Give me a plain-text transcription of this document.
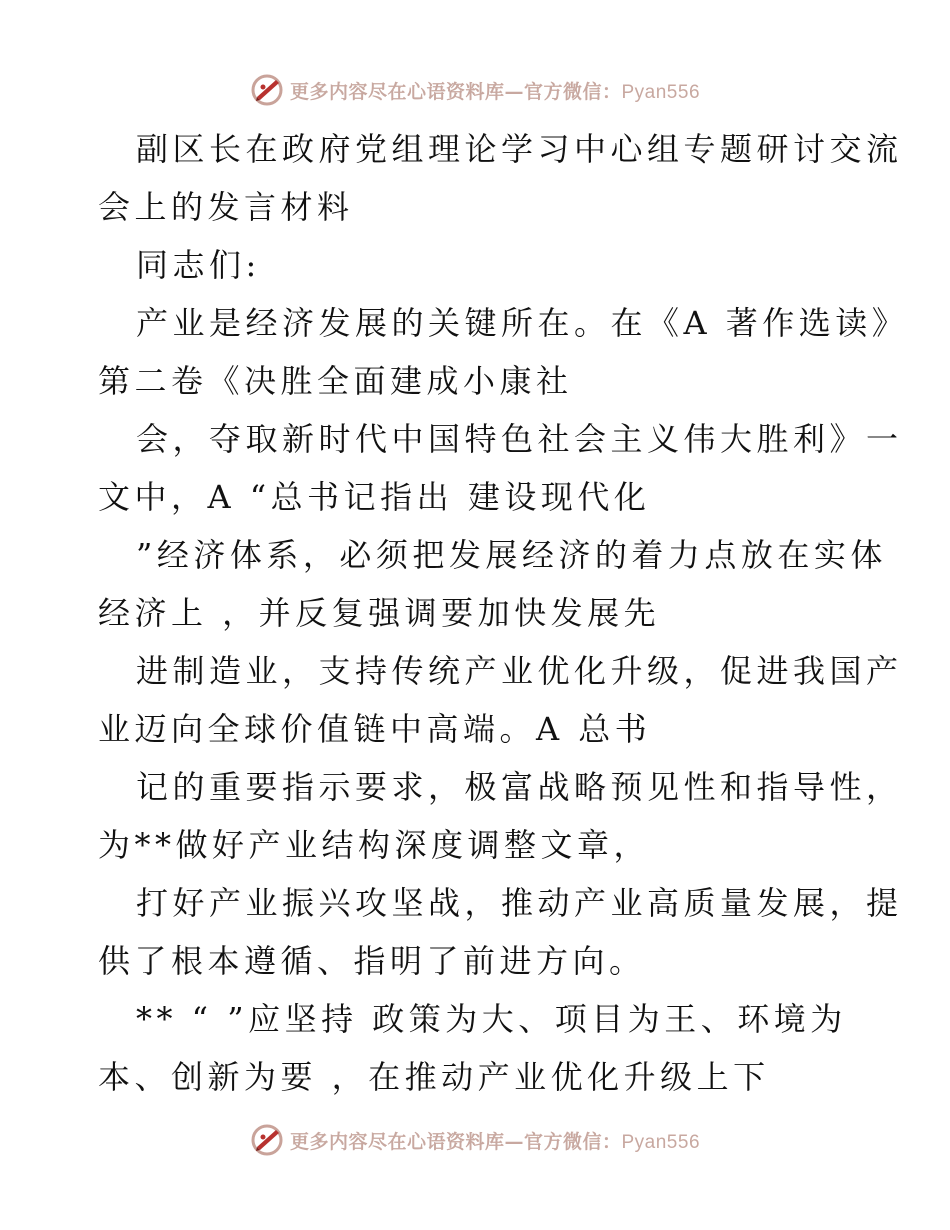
更多内容尽在心语资料库—官方微信：Pyan556
副区长在政府党组理论学习中心组专题研讨交流
会上的发言材料
同志们:
产业是经济发展的关键所在。在《A 著作选读》
第二卷《决胜全面建成小康社
会，夺取新时代中国特色社会主义伟大胜利》一
文中，A “总书记指出 建设现代化
”经济体系，必须把发展经济的着力点放在实体
经济上 ，并反复强调要加快发展先
进制造业，支持传统产业优化升级，促进我国产
业迈向全球价值链中高端。A 总书
记的重要指示要求，极富战略预见性和指导性，
为**做好产业结构深度调整文章，
打好产业振兴攻坚战，推动产业高质量发展，提
供了根本遵循、指明了前进方向。
** “ ”应坚持 政策为大、项目为王、环境为
本、创新为要 ，在推动产业优化升级上下
更多内容尽在心语资料库—官方微信：Pyan556
